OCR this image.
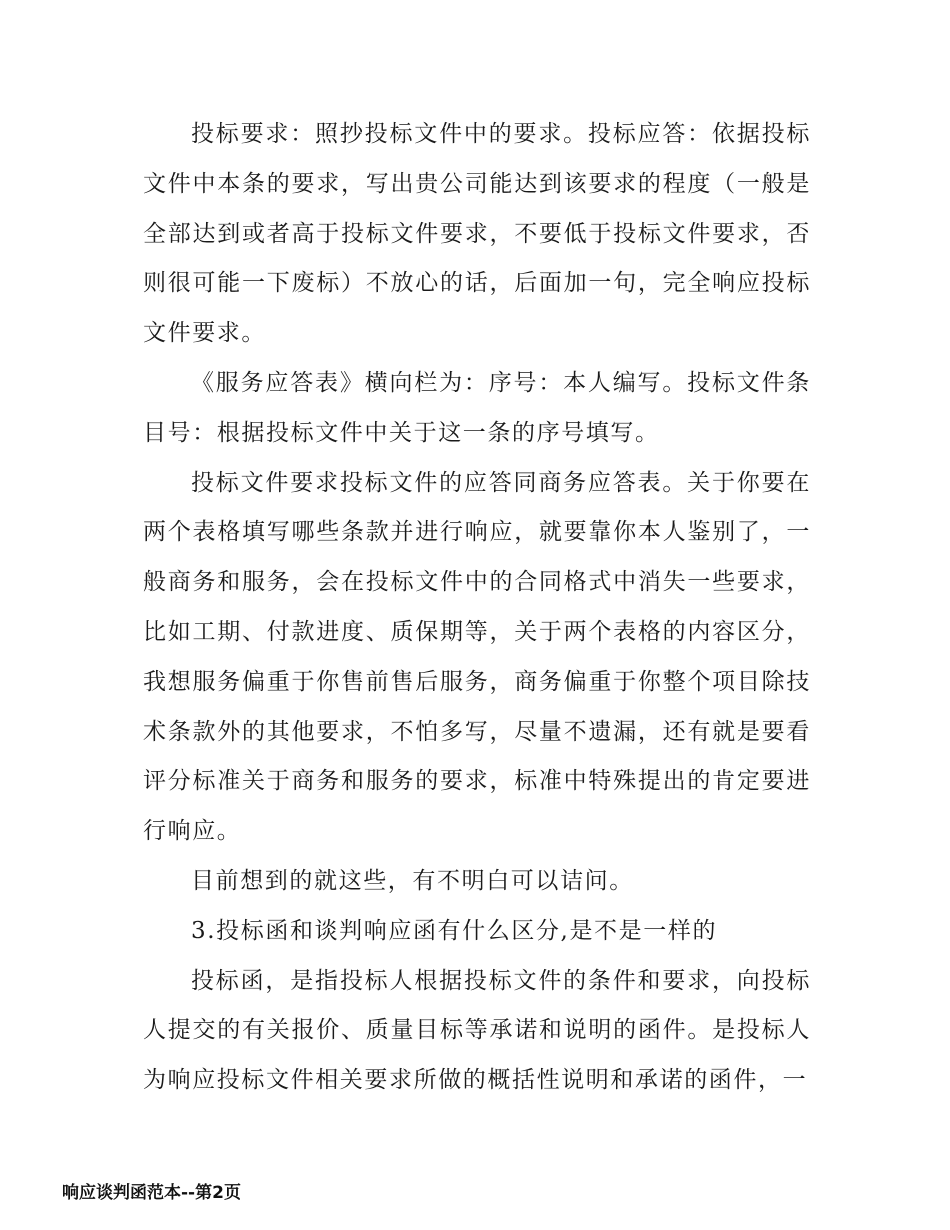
投标要求：照抄投标文件中的要求。投标应答：依据投标文件中本条的要求，写出贵公司能达到该要求的程度（一般是全部达到或者高于投标文件要求，不要低于投标文件要求，否则很可能一下废标）不放心的话，后面加一句，完全响应投标文件要求。

《服务应答表》横向栏为：序号：本人编写。投标文件条目号：根据投标文件中关于这一条的序号填写。

投标文件要求投标文件的应答同商务应答表。关于你要在两个表格填写哪些条款并进行响应，就要靠你本人鉴别了，一般商务和服务，会在投标文件中的合同格式中消失一些要求，比如工期、付款进度、质保期等，关于两个表格的内容区分，我想服务偏重于你售前售后服务，商务偏重于你整个项目除技术条款外的其他要求，不怕多写，尽量不遗漏，还有就是要看评分标准关于商务和服务的要求，标准中特殊提出的肯定要进行响应。

目前想到的就这些，有不明白可以诘问。

3.投标函和谈判响应函有什么区分,是不是一样的

投标函，是指投标人根据投标文件的条件和要求，向投标人提交的有关报价、质量目标等承诺和说明的函件。是投标人为响应投标文件相关要求所做的概括性说明和承诺的函件，一

响应谈判函范本--第2页
